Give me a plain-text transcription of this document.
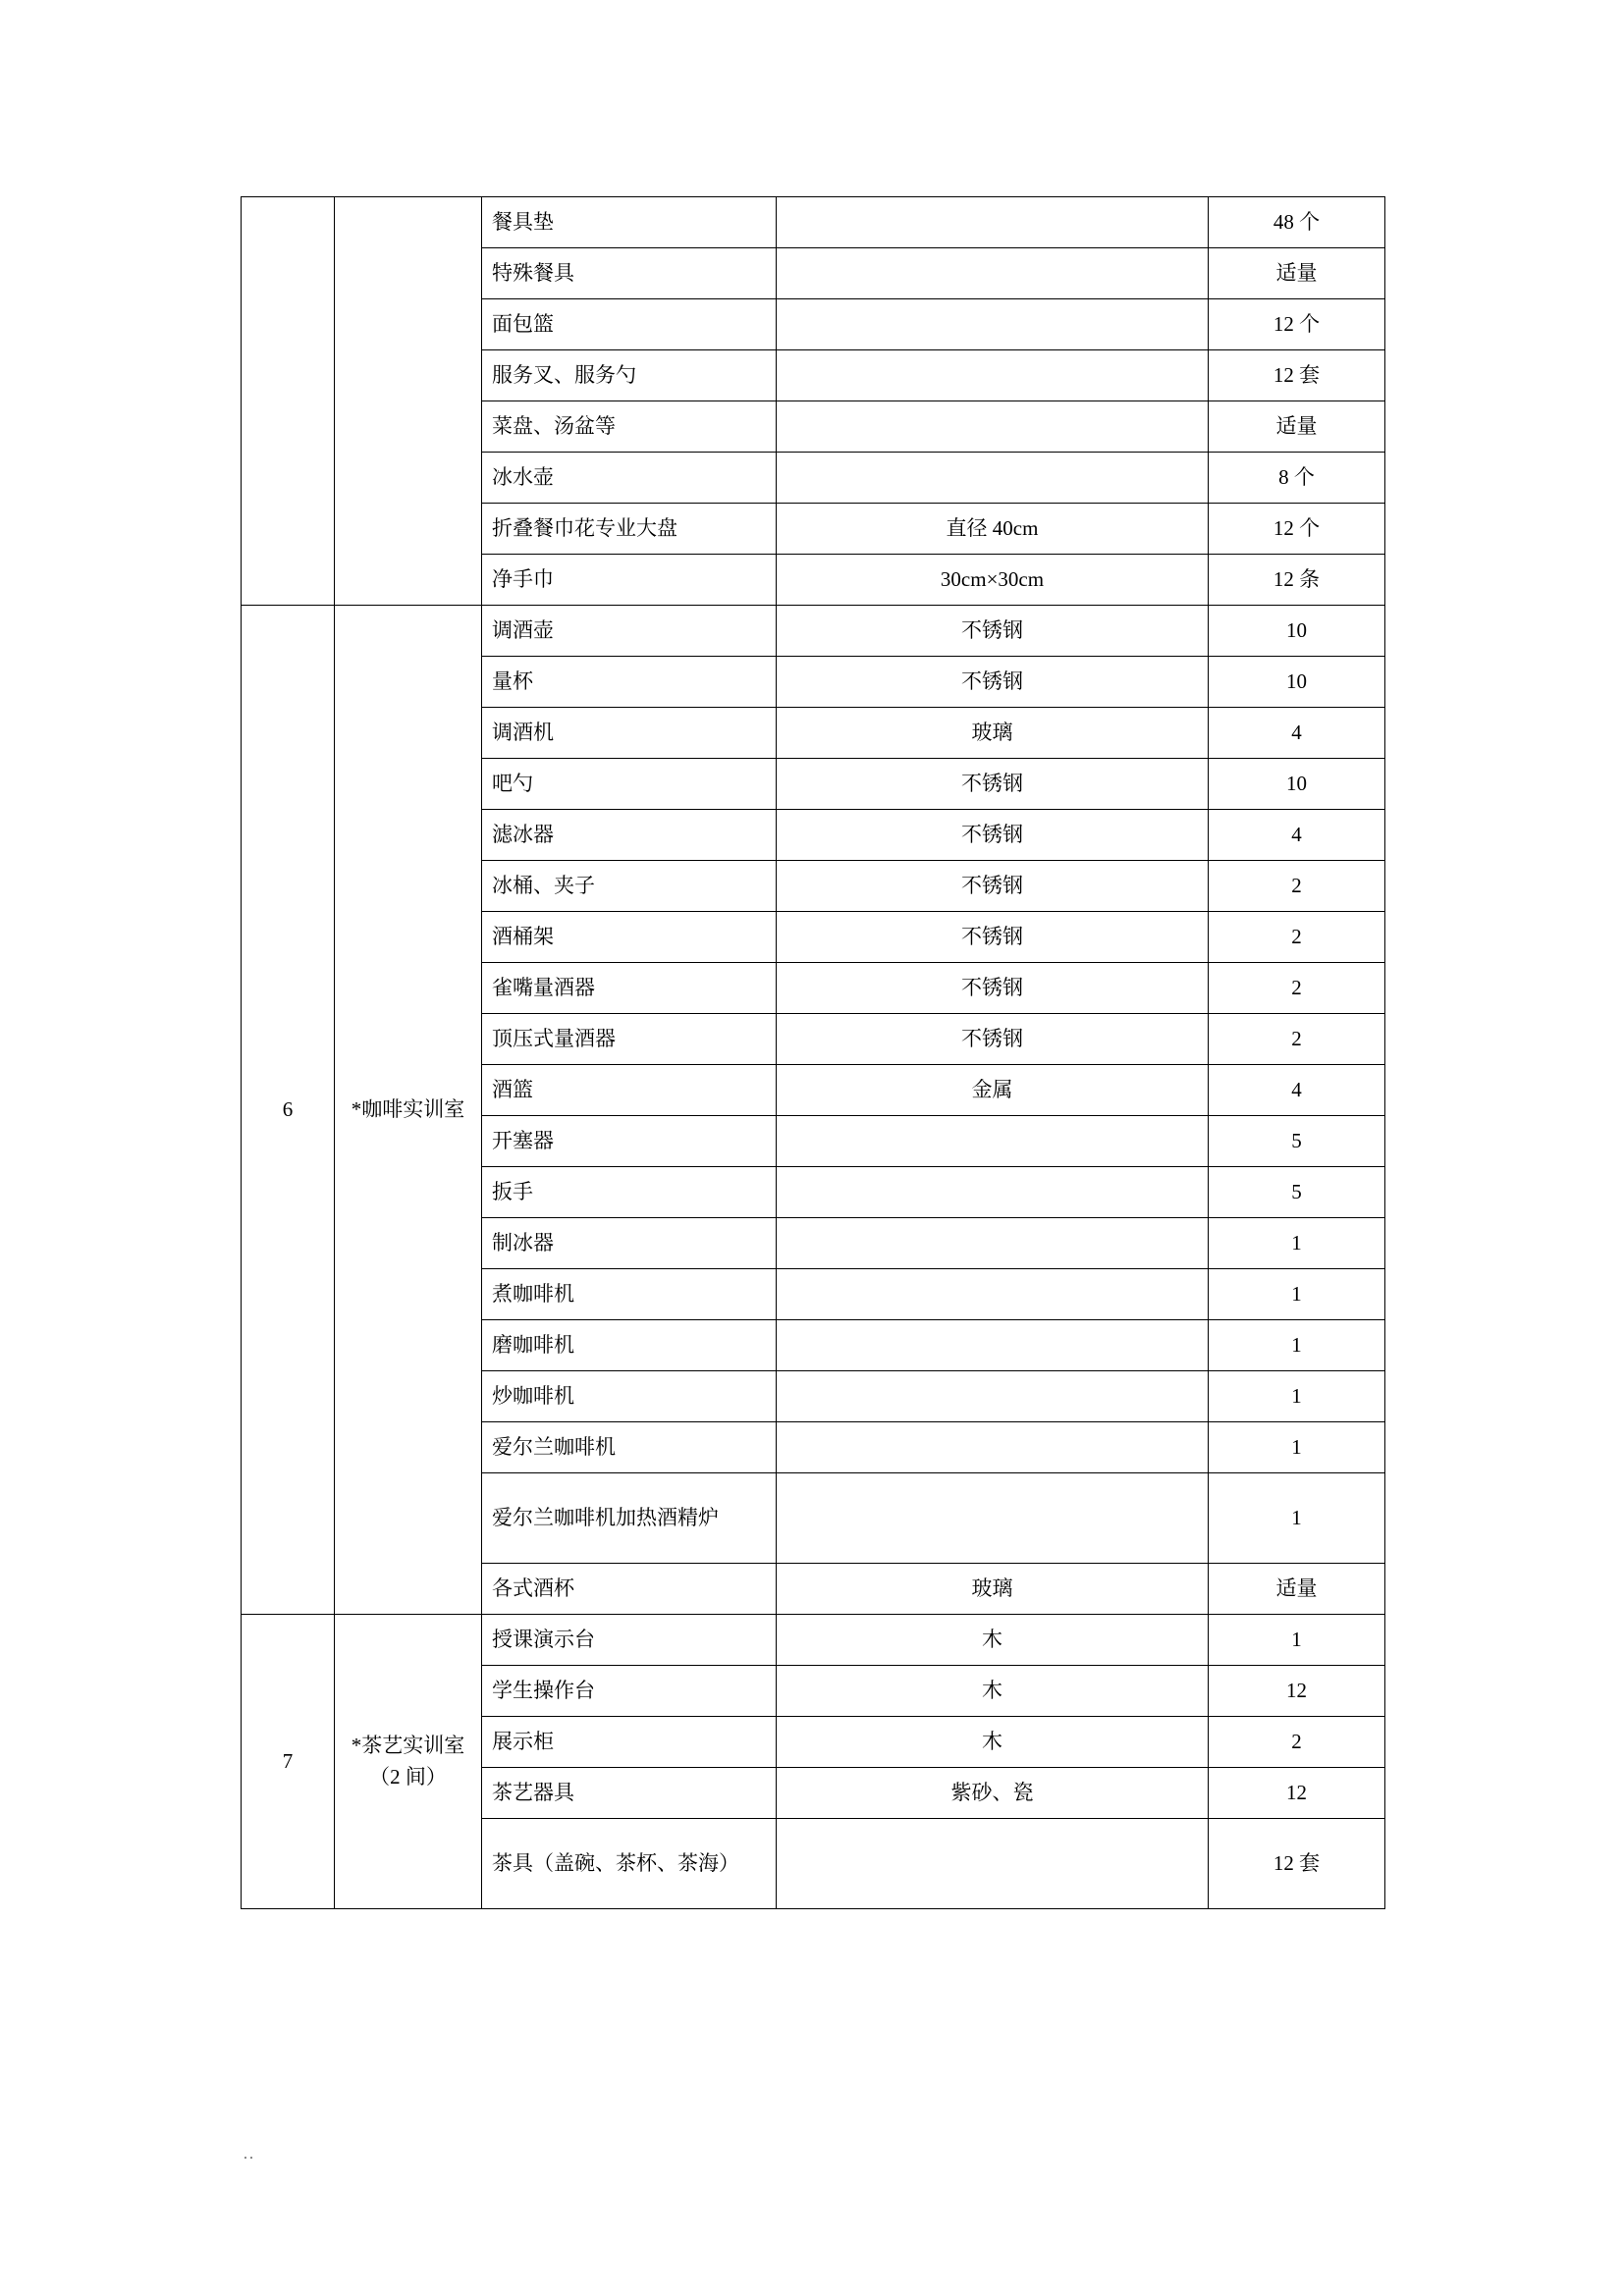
		餐具垫		48 个
		特殊餐具		适量
		面包篮		12 个
		服务叉、服务勺		12 套
		菜盘、汤盆等		适量
		冰水壶		8 个
		折叠餐巾花专业大盘	直径 40cm	12 个
		净手巾	30cm×30cm	12 条
6	*咖啡实训室	调酒壶	不锈钢	10
		量杯	不锈钢	10
		调酒机	玻璃	4
		吧勺	不锈钢	10
		滤冰器	不锈钢	4
		冰桶、夹子	不锈钢	2
		酒桶架	不锈钢	2
		雀嘴量酒器	不锈钢	2
		顶压式量酒器	不锈钢	2
		酒篮	金属	4
		开塞器		5
		扳手		5
		制冰器		1
		煮咖啡机		1
		磨咖啡机		1
		炒咖啡机		1
		爱尔兰咖啡机		1
		爱尔兰咖啡机加热酒精炉		1
		各式酒杯	玻璃	适量
7	*茶艺实训室（2 间）	授课演示台	木	1
		学生操作台	木	12
		展示柜	木	2
		茶艺器具	紫砂、瓷	12
		茶具（盖碗、茶杯、茶海）		12 套
..
